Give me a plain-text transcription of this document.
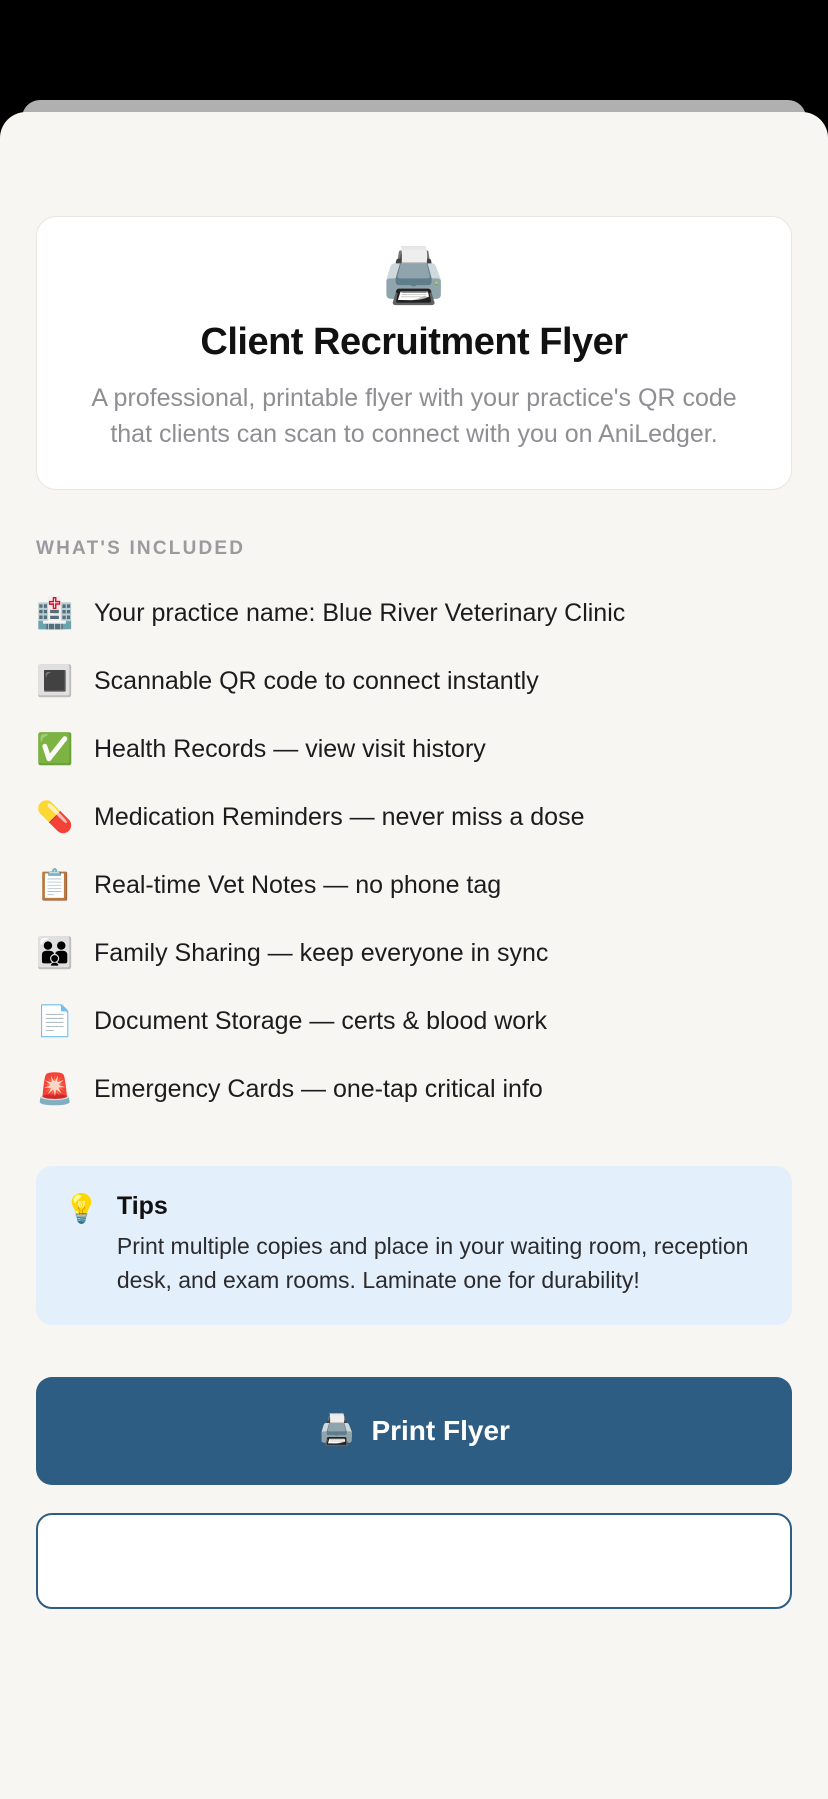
🖨️
Client Recruitment Flyer
A professional, printable flyer with your practice's QR code that clients can scan to connect with you on AniLedger.
WHAT'S INCLUDED
🏥 Your practice name: Blue River Veterinary Clinic
🔳 Scannable QR code to connect instantly
✅ Health Records — view visit history
💊 Medication Reminders — never miss a dose
📋 Real-time Vet Notes — no phone tag
👪 Family Sharing — keep everyone in sync
📄 Document Storage — certs & blood work
🚨 Emergency Cards — one-tap critical info
💡 Tips
Print multiple copies and place in your waiting room, reception desk, and exam rooms. Laminate one for durability!
🖨️ Print Flyer
